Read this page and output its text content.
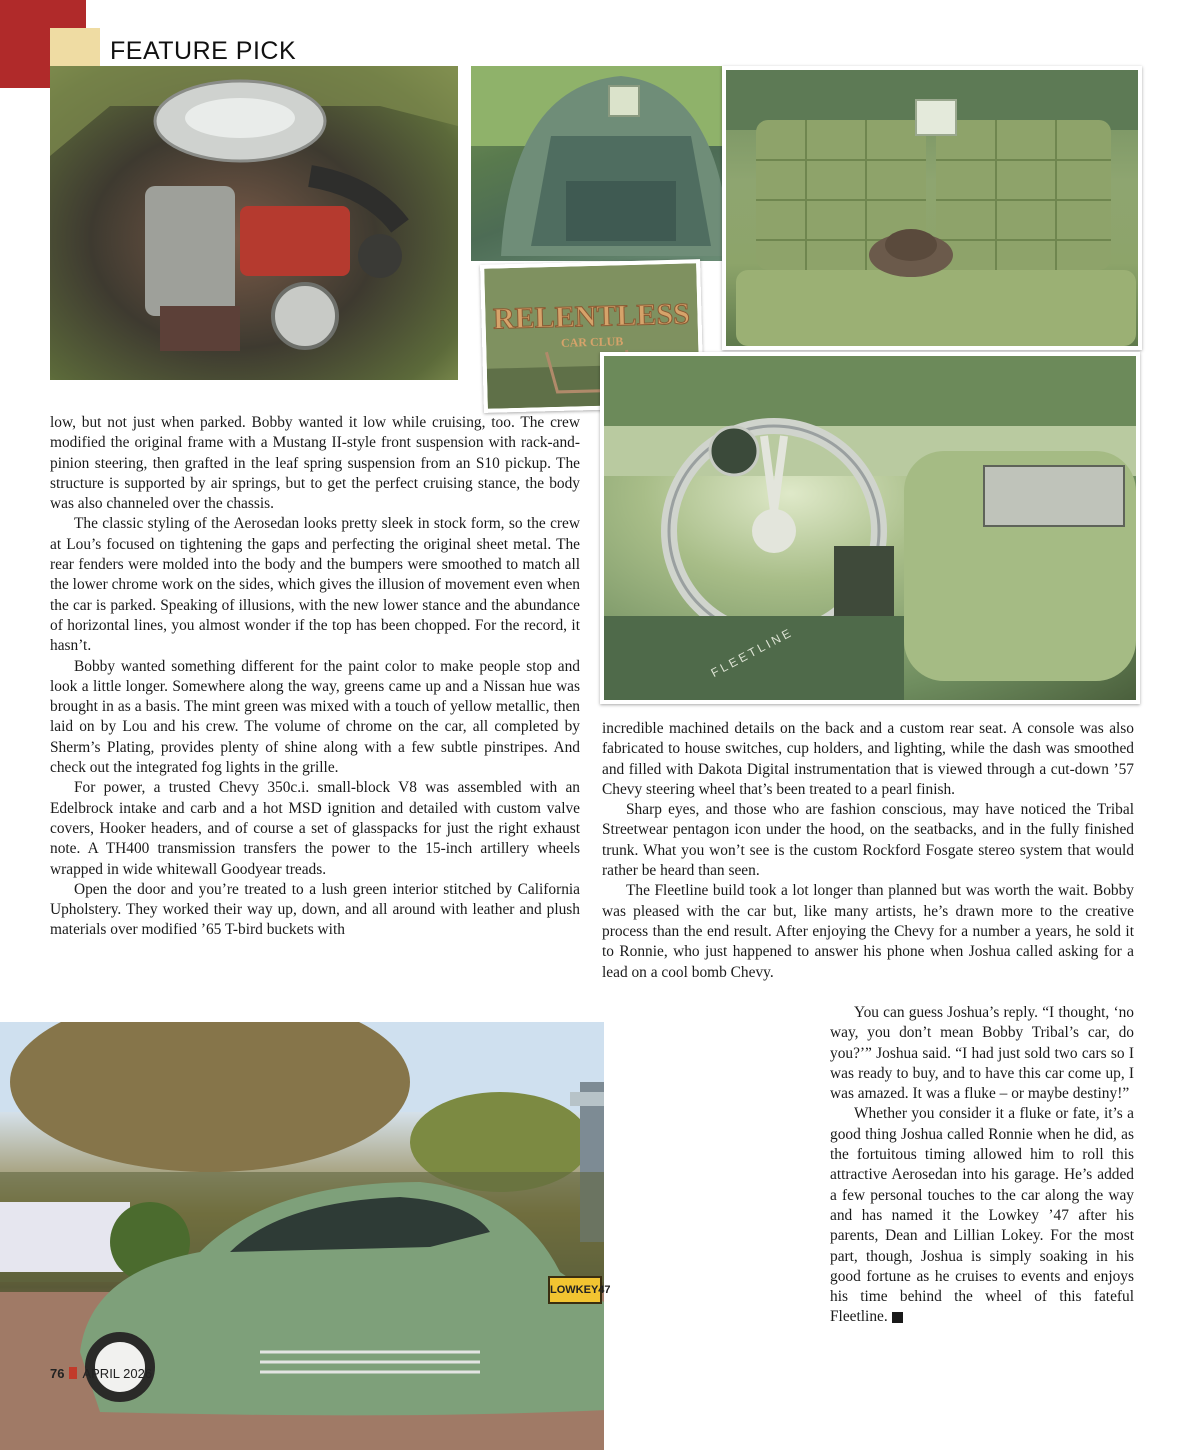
FEATURE PICK
RELENTLESS
CAR CLUB
FLEETLINE
LOWKEY47

low, but not just when parked. Bobby wanted it low while cruising, too. The crew modified the original frame with a Mustang II-style front suspension with rack-and-pinion steering, then grafted in the leaf spring suspension from an S10 pickup. The structure is supported by air springs, but to get the perfect cruising stance, the body was also channeled over the chassis.

The classic styling of the Aerosedan looks pretty sleek in stock form, so the crew at Lou’s focused on tightening the gaps and perfecting the original sheet metal. The rear fenders were molded into the body and the bumpers were smoothed to match all the lower chrome work on the sides, which gives the illusion of movement even when the car is parked. Speaking of illusions, with the new lower stance and the abundance of horizontal lines, you almost wonder if the top has been chopped. For the record, it hasn’t.

Bobby wanted something different for the paint color to make people stop and look a little longer. Somewhere along the way, greens came up and a Nissan hue was brought in as a basis. The mint green was mixed with a touch of yellow metallic, then laid on by Lou and his crew. The volume of chrome on the car, all completed by Sherm’s Plating, provides plenty of shine along with a few subtle pinstripes. And check out the integrated fog lights in the grille.

For power, a trusted Chevy 350c.i. small-block V8 was assembled with an Edelbrock intake and carb and a hot MSD ignition and detailed with custom valve covers, Hooker headers, and of course a set of glasspacks for just the right exhaust note. A TH400 transmission transfers the power to the 15-inch artillery wheels wrapped in wide whitewall Goodyear treads.

Open the door and you’re treated to a lush green interior stitched by California Upholstery. They worked their way up, down, and all around with leather and plush materials over modified ’65 T-bird buckets with

incredible machined details on the back and a custom rear seat. A console was also fabricated to house switches, cup holders, and lighting, while the dash was smoothed and filled with Dakota Digital instrumentation that is viewed through a cut-down ’57 Chevy steering wheel that’s been treated to a pearl finish.

Sharp eyes, and those who are fashion conscious, may have noticed the Tribal Streetwear pentagon icon under the hood, on the seatbacks, and in the fully finished trunk. What you won’t see is the custom Rockford Fosgate stereo system that would rather be heard than seen.

The Fleetline build took a lot longer than planned but was worth the wait. Bobby was pleased with the car but, like many artists, he’s drawn more to the creative process than the end result. After enjoying the Chevy for a number a years, he sold it to Ronnie, who just happened to answer his phone when Joshua called asking for a lead on a cool bomb Chevy.

You can guess Joshua’s reply. “I thought, ‘no way, you don’t mean Bobby Tribal’s car, do you?’” Joshua said. “I had just sold two cars so I was ready to buy, and to have this car come up, I was amazed. It was a fluke – or maybe destiny!”

Whether you consider it a fluke or fate, it’s a good thing Joshua called Ronnie when he did, as the fortuitous timing allowed him to roll this attractive Aerosedan into his garage. He’s added a few personal touches to the car along the way and has named it the Lowkey ’47 after his parents, Dean and Lillian Lokey. For the most part, though, Joshua is simply soaking in his good fortune as he cruises to events and enjoys his time behind the wheel of this fateful Fleetline.	G

76 APRIL 2026
